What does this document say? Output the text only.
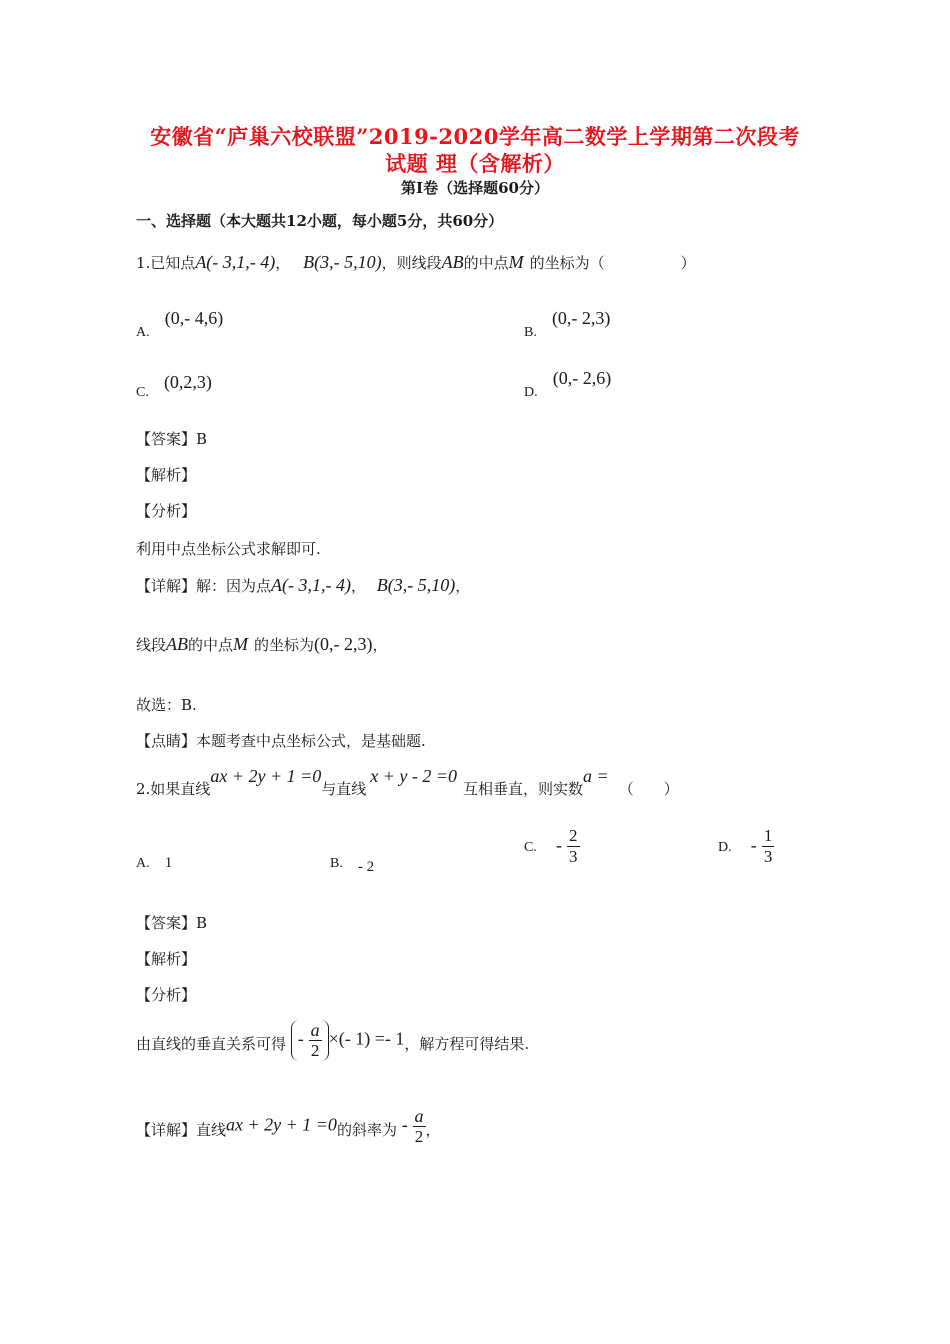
安徽省“庐巢六校联盟”2019-2020学年高二数学上学期第二次段考
试题 理（含解析）
第Ⅰ卷（选择题60分）
一、选择题（本大题共12小题，每小题5分，共60分）
1.已知点A(- 3,1,- 4)， B(3,- 5,10)，则线段AB的中点M 的坐标为（	）
A. (0,- 4,6)
B. (0,- 2,3)
C. (0,2,3)
D. (0,- 2,6)
【答案】B
【解析】
【分析】
利用中点坐标公式求解即可.
【详解】解：因为点A(- 3,1,- 4)， B(3,- 5,10)，
线段AB的中点M 的坐标为(0,- 2,3)，
故选：B.
【点睛】本题考查中点坐标公式，是基础题.
2.如果直线ax + 2y + 1 =0与直线x + y - 2 =0互相垂直，则实数a =（　　）
A. 1	B. - 2
C. - $\frac{2}{3}$	D. - $\frac{1}{3}$
【答案】B
【解析】
【分析】
由直线的垂直关系可得 - $\frac{a}{2}$ ×(- 1) =- 1，解方程可得结果.
【详解】直线ax + 2y + 1 =0的斜率为 - $\frac{a}{2}$ ，
